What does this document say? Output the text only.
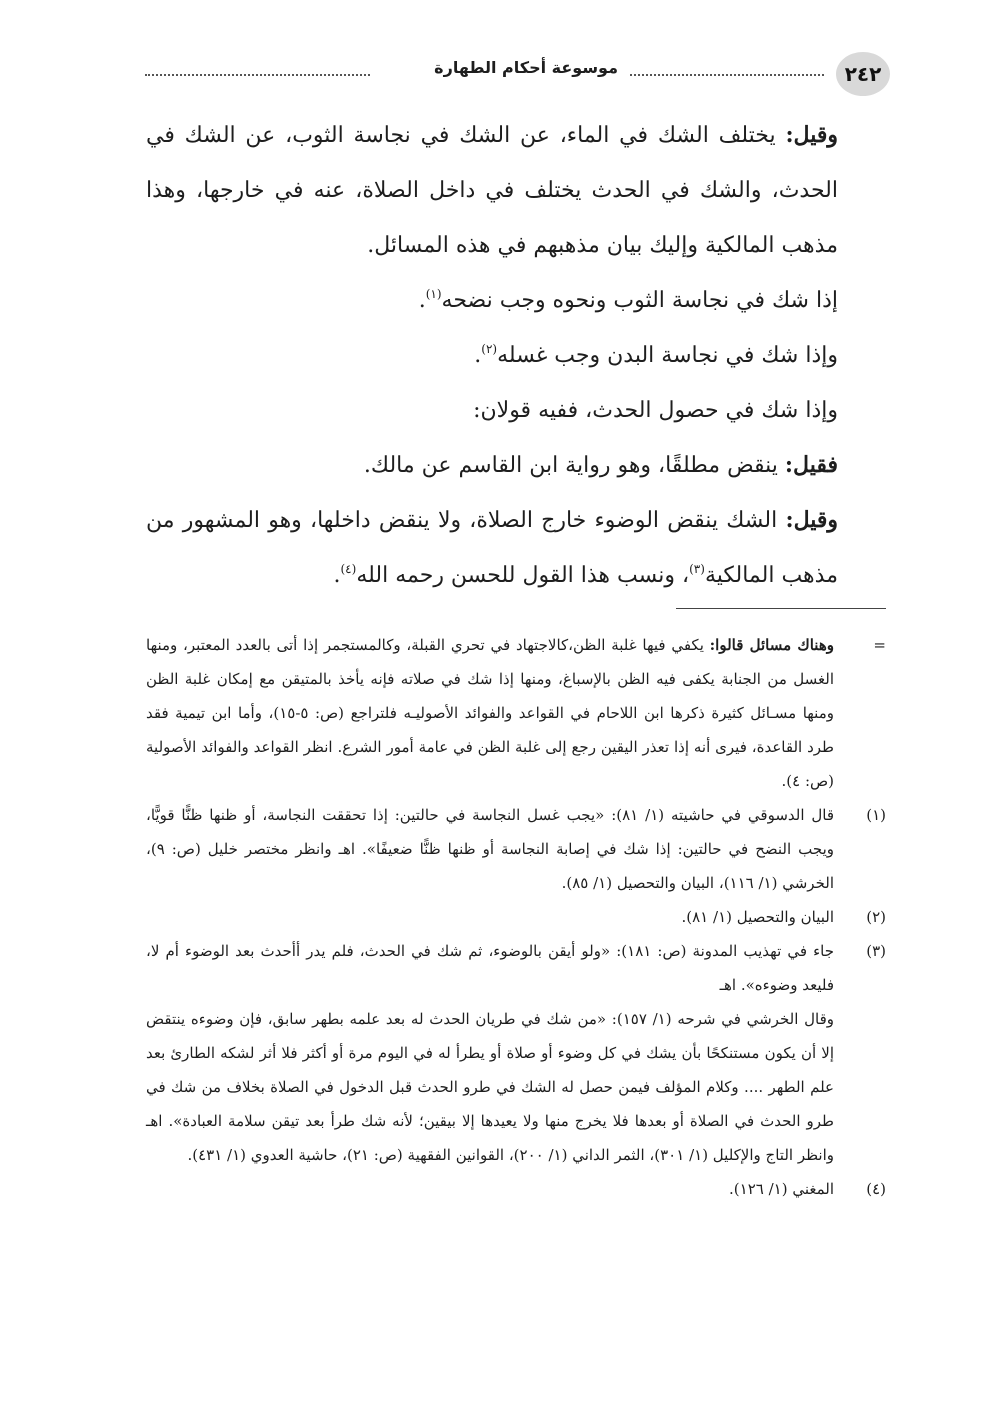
٢٤٢
موسوعة أحكام الطهارة

وقيل: يختلف الشك في الماء، عن الشك في نجاسة الثوب، عن الشك في الحدث، والشك في الحدث يختلف في داخل الصلاة، عنه في خارجها، وهذا مذهب المالكية وإليك بيان مذهبهم في هذه المسائل.

إذا شك في نجاسة الثوب ونحوه وجب نضحه$^{(١)}$.

وإذا شك في نجاسة البدن وجب غسله$^{(٢)}$.

وإذا شك في حصول الحدث، ففيه قولان:

فقيل: ينقض مطلقًا، وهو رواية ابن القاسم عن مالك.

وقيل: الشك ينقض الوضوء خارج الصلاة، ولا ينقض داخلها، وهو المشهور من مذهب المالكية$^{(٣)}$، ونسب هذا القول للحسن رحمه الله$^{(٤)}$.

=
وهناك مسائل قالوا: يكفي فيها غلبة الظن،كالاجتهاد في تحري القبلة، وكالمستجمر إذا أتى بالعدد المعتبر، ومنها الغسل من الجنابة يكفى فيه الظن بالإسباغ، ومنها إذا شك في صلاته فإنه يأخذ بالمتيقن مع إمكان غلبة الظن ومنها مسـائل كثيرة ذكرها ابن اللاحام في القواعد والفوائد الأصوليـه فلتراجع (ص: ٥-١٥)، وأما ابن تيمية فقد طرد القاعدة، فيرى أنه إذا تعذر اليقين رجع إلى غلبة الظن في عامة أمور الشرع. انظر القواعد والفوائد الأصولية (ص: ٤).
(١)
قال الدسوقي في حاشيته (١/ ٨١): «يجب غسل النجاسة في حالتين: إذا تحققت النجاسة، أو ظنها ظنًّا قويًّا، ويجب النضح في حالتين: إذا شك في إصابة النجاسة أو ظنها ظنًّا ضعيفًا». اهـ وانظر مختصر خليل (ص: ٩)، الخرشي (١/ ١١٦)، البيان والتحصيل (١/ ٨٥).
(٢)
البيان والتحصيل (١/ ٨١).
(٣)

جاء في تهذيب المدونة (ص: ١٨١): «ولو أيقن بالوضوء، ثم شك في الحدث، فلم يدر أأحدث بعد الوضوء أم لا، فليعد وضوءه». اهـ

وقال الخرشي في شرحه (١/ ١٥٧): «من شك في طريان الحدث له بعد علمه بطهر سابق، فإن وضوءه ينتقض إلا أن يكون مستنكحًا بأن يشك في كل وضوء أو صلاة أو يطرأ له في اليوم مرة أو أكثر فلا أثر لشكه الطارئ بعد علم الطهر .... وكلام المؤلف فيمن حصل له الشك في طرو الحدث قبل الدخول في الصلاة بخلاف من شك في طرو الحدث في الصلاة أو بعدها فلا يخرج منها ولا يعيدها إلا بيقين؛ لأنه شك طرأ بعد تيقن سلامة العبادة». اهـ وانظر التاج والإكليل (١/ ٣٠١)، الثمر الداني (١/ ٢٠٠)، القوانين الفقهية (ص: ٢١)، حاشية العدوي (١/ ٤٣١).

(٤)
المغني (١/ ١٢٦).
